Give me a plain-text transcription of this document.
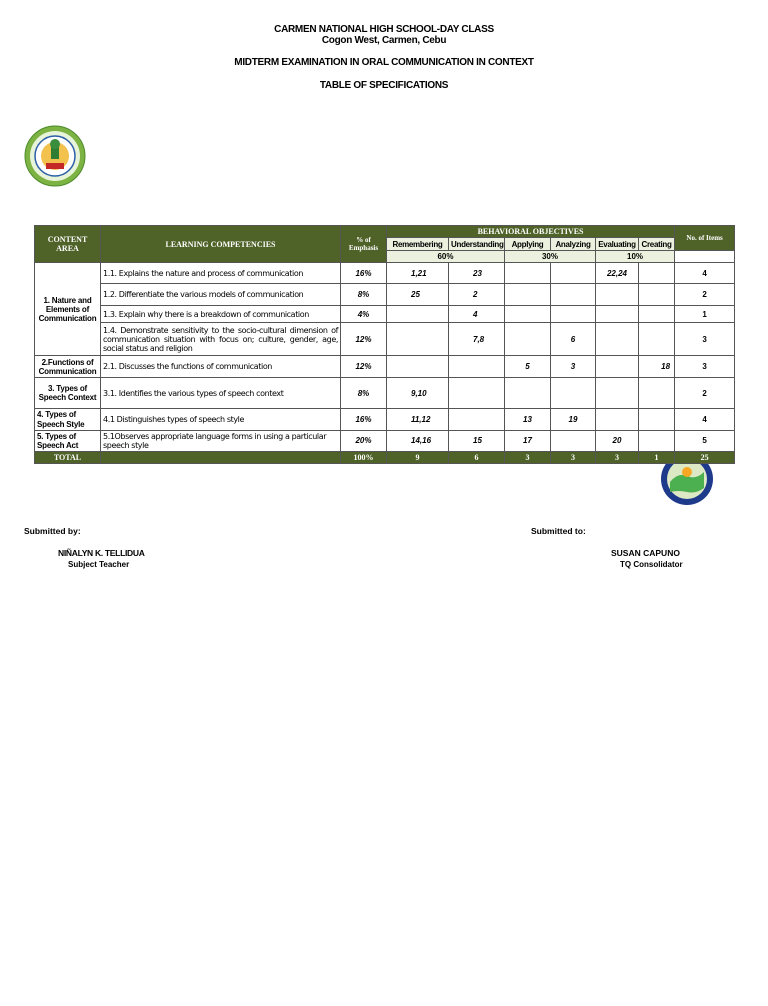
CARMEN NATIONAL HIGH SCHOOL-DAY CLASS
Cogon West, Carmen, Cebu
MIDTERM EXAMINATION IN ORAL COMMUNICATION IN CONTEXT
TABLE OF SPECIFICATIONS
CONTENT AREA	LEARNING COMPETENCIES	% of Emphasis	BEHAVIORAL OBJECTIVES						No. of Items
			Remembering	Understanding	Applying	Analyzing	Evaluating	Creating	
			60%		30%		10%		
1. Nature and Elements of Communication	1.1. Explains the nature and process of communication	16%	1,21	23			22,24		4
	1.2. Differentiate the various models of communication	8%	25	2					2
	1.3. Explain why there is a breakdown of communication	4%		4					1
	1.4. Demonstrate sensitivity to the socio-cultural dimension of communication situation with focus on; culture, gender, age, social status and religion	12%		7,8		6			3
2.Functions of Communication	2.1. Discusses the functions of communication	12%			5	3		18	3
3. Types of Speech Context	3.1. Identifies the various types of speech context	8%	9,10						2
4. Types of Speech Style	4.1 Distinguishes types of speech style	16%	11,12		13	19			4
5. Types of Speech Act	5.1Observes appropriate language forms in using a particular speech style	20%	14,16	15	17		20		5
TOTAL		100%	9	6	3	3	3	1	25
Submitted by:	Submitted to:
NIÑALYN K. TELLIDUA
Subject Teacher
SUSAN CAPUNO
TQ Consolidator
